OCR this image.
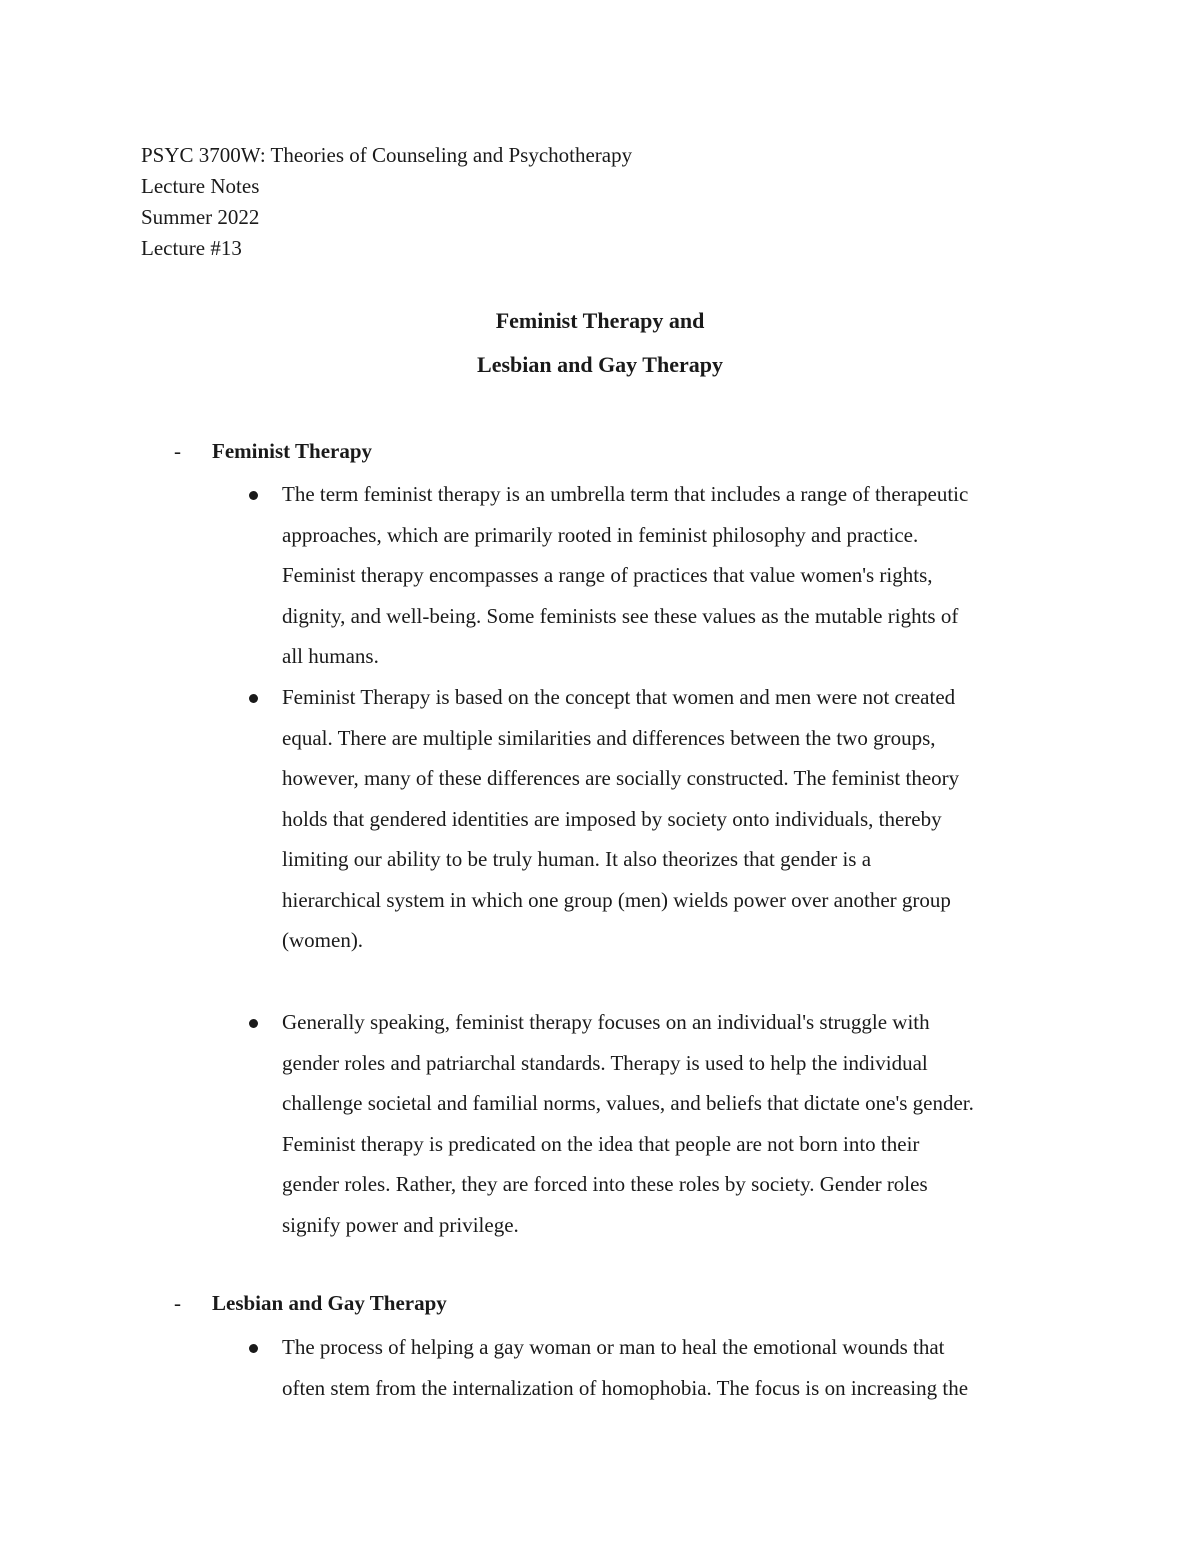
PSYC 3700W: Theories of Counseling and Psychotherapy
Lecture Notes
Summer 2022
Lecture #13
Feminist Therapy and
Lesbian and Gay Therapy
- Feminist Therapy
The term feminist therapy is an umbrella term that includes a range of therapeutic
approaches, which are primarily rooted in feminist philosophy and practice.
Feminist therapy encompasses a range of practices that value women's rights,
dignity, and well-being. Some feminists see these values as the mutable rights of
all humans.
Feminist Therapy is based on the concept that women and men were not created
equal. There are multiple similarities and differences between the two groups,
however, many of these differences are socially constructed. The feminist theory
holds that gendered identities are imposed by society onto individuals, thereby
limiting our ability to be truly human. It also theorizes that gender is a
hierarchical system in which one group (men) wields power over another group
(women).
Generally speaking, feminist therapy focuses on an individual's struggle with
gender roles and patriarchal standards. Therapy is used to help the individual
challenge societal and familial norms, values, and beliefs that dictate one's gender.
Feminist therapy is predicated on the idea that people are not born into their
gender roles. Rather, they are forced into these roles by society. Gender roles
signify power and privilege.
- Lesbian and Gay Therapy
The process of helping a gay woman or man to heal the emotional wounds that
often stem from the internalization of homophobia. The focus is on increasing the
